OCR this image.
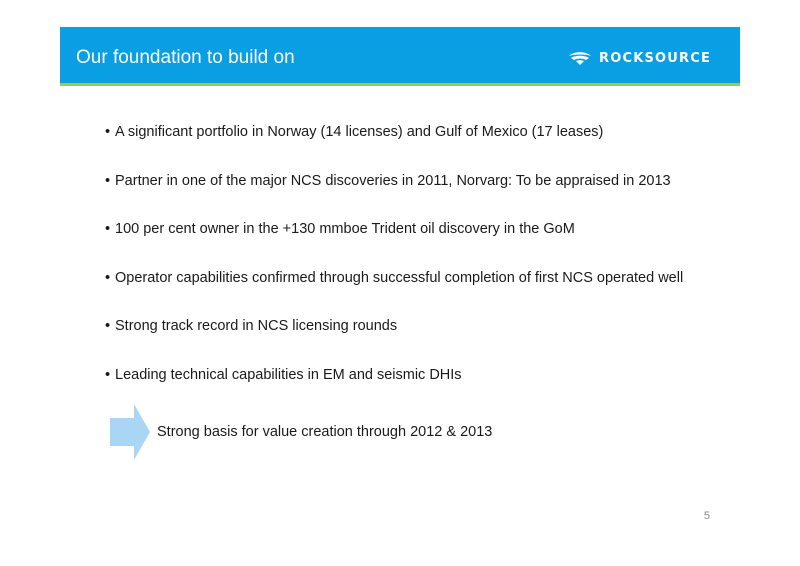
Our foundation to build on	ROCKSOURCE
• A significant portfolio in Norway (14 licenses) and Gulf of Mexico (17 leases)
• Partner in one of the major NCS discoveries in 2011, Norvarg: To be appraised in 2013
• 100 per cent owner in the +130 mmboe Trident oil discovery in the GoM
• Operator capabilities confirmed through successful completion of first NCS operated well
• Strong track record in NCS licensing rounds
• Leading technical capabilities in EM and seismic DHIs
Strong basis for value creation through 2012 & 2013
5
